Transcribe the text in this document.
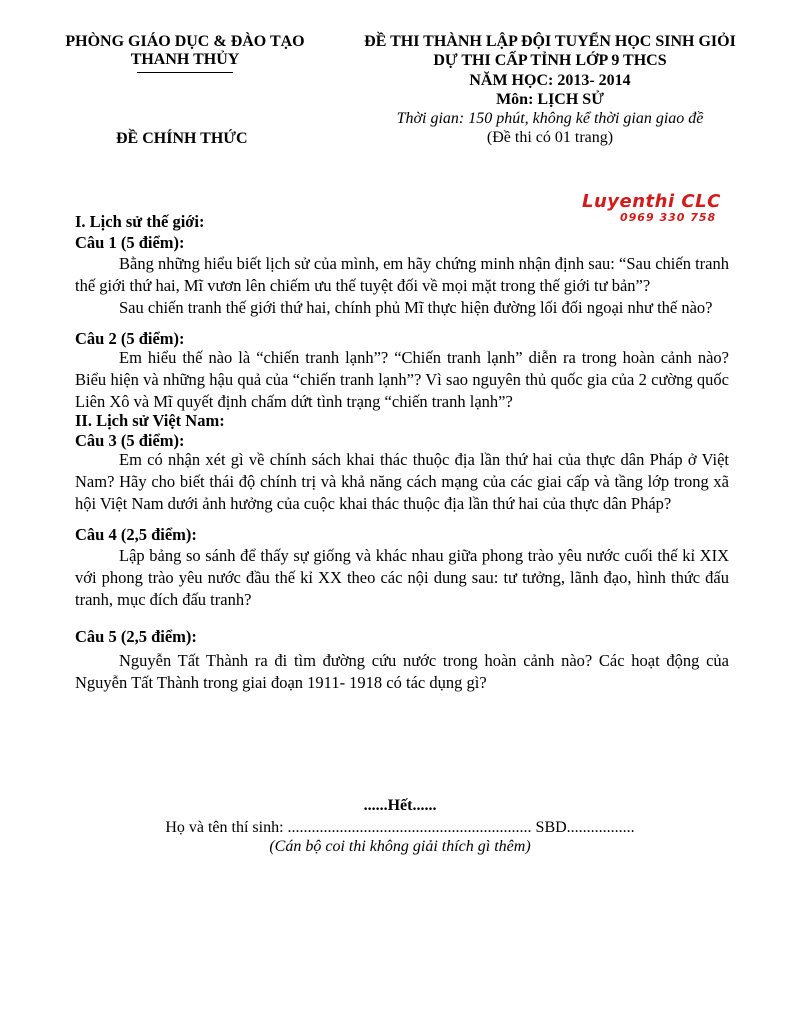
PHÒNG GIÁO DỤC & ĐÀO TẠO
THANH THỦY
ĐỀ THI THÀNH LẬP ĐỘI TUYỂN HỌC SINH GIỎI
DỰ THI CẤP TỈNH LỚP 9 THCS
NĂM HỌC: 2013- 2014
Môn: LỊCH SỬ
Thời gian: 150 phút, không kể thời gian giao đề
(Đề thi có 01 trang)
ĐỀ CHÍNH THỨC
Luyenthi CLC
0969 330 758
I. Lịch sử thế giới:
Câu 1 (5 điểm):
Bằng những hiểu biết lịch sử của mình, em hãy chứng minh nhận định sau: “Sau chiến tranh thế giới thứ hai, Mĩ vươn lên chiếm ưu thế tuyệt đối về mọi mặt trong thế giới tư bản”?
Sau chiến tranh thế giới thứ hai, chính phủ Mĩ thực hiện đường lối đối ngoại như thế nào?
Câu 2 (5 điểm):
Em hiểu thế nào là “chiến tranh lạnh”? “Chiến tranh lạnh” diễn ra trong hoàn cảnh nào? Biểu hiện và những hậu quả của “chiến tranh lạnh”? Vì sao nguyên thủ quốc gia của 2 cường quốc Liên Xô và Mĩ quyết định chấm dứt tình trạng “chiến tranh lạnh”?
II. Lịch sử Việt Nam:
Câu 3 (5 điểm):
Em có nhận xét gì về chính sách khai thác thuộc địa lần thứ hai của thực dân Pháp ở Việt Nam? Hãy cho biết thái độ chính trị và khả năng cách mạng của các giai cấp và tầng lớp trong xã hội Việt Nam dưới ảnh hưởng của cuộc khai thác thuộc địa lần thứ hai của thực dân Pháp?
Câu 4 (2,5 điểm):
Lập bảng so sánh để thấy sự giống và khác nhau giữa phong trào yêu nước cuối thế kỉ XIX với phong trào yêu nước đầu thế kỉ XX theo các nội dung sau: tư tưởng, lãnh đạo, hình thức đấu tranh, mục đích đấu tranh?
Câu 5 (2,5 điểm):
Nguyễn Tất Thành ra đi tìm đường cứu nước trong hoàn cảnh nào? Các hoạt động của Nguyễn Tất Thành trong giai đoạn 1911- 1918 có tác dụng gì?
......Hết......
Họ và tên thí sinh: ............................................................. SBD.................
(Cán bộ coi thi không giải thích gì thêm)
